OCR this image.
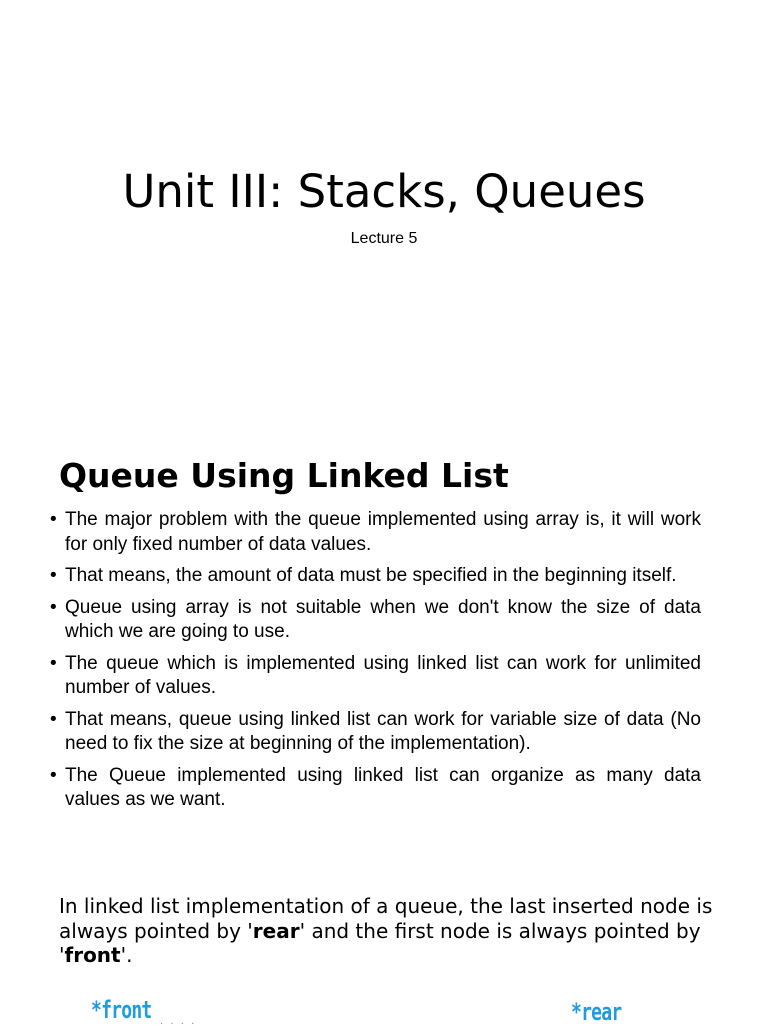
Unit III: Stacks, Queues

Lecture 5

Queue Using Linked List
• The major problem with the queue implemented using array is, it will work for only fixed number of data values.
• That means, the amount of data must be specified in the beginning itself.
• Queue using array is not suitable when we don't know the size of data which we are going to use.
• The queue which is implemented using linked list can work for unlimited number of values.
• That means, queue using linked list can work for variable size of data (No need to fix the size at beginning of the implementation).
• The Queue implemented using linked list can organize as many data values as we want.

In linked list implementation of a queue, the last inserted node is always pointed by 'rear' and the first node is always pointed by 'front'.

*front
· · · ·	*rear
